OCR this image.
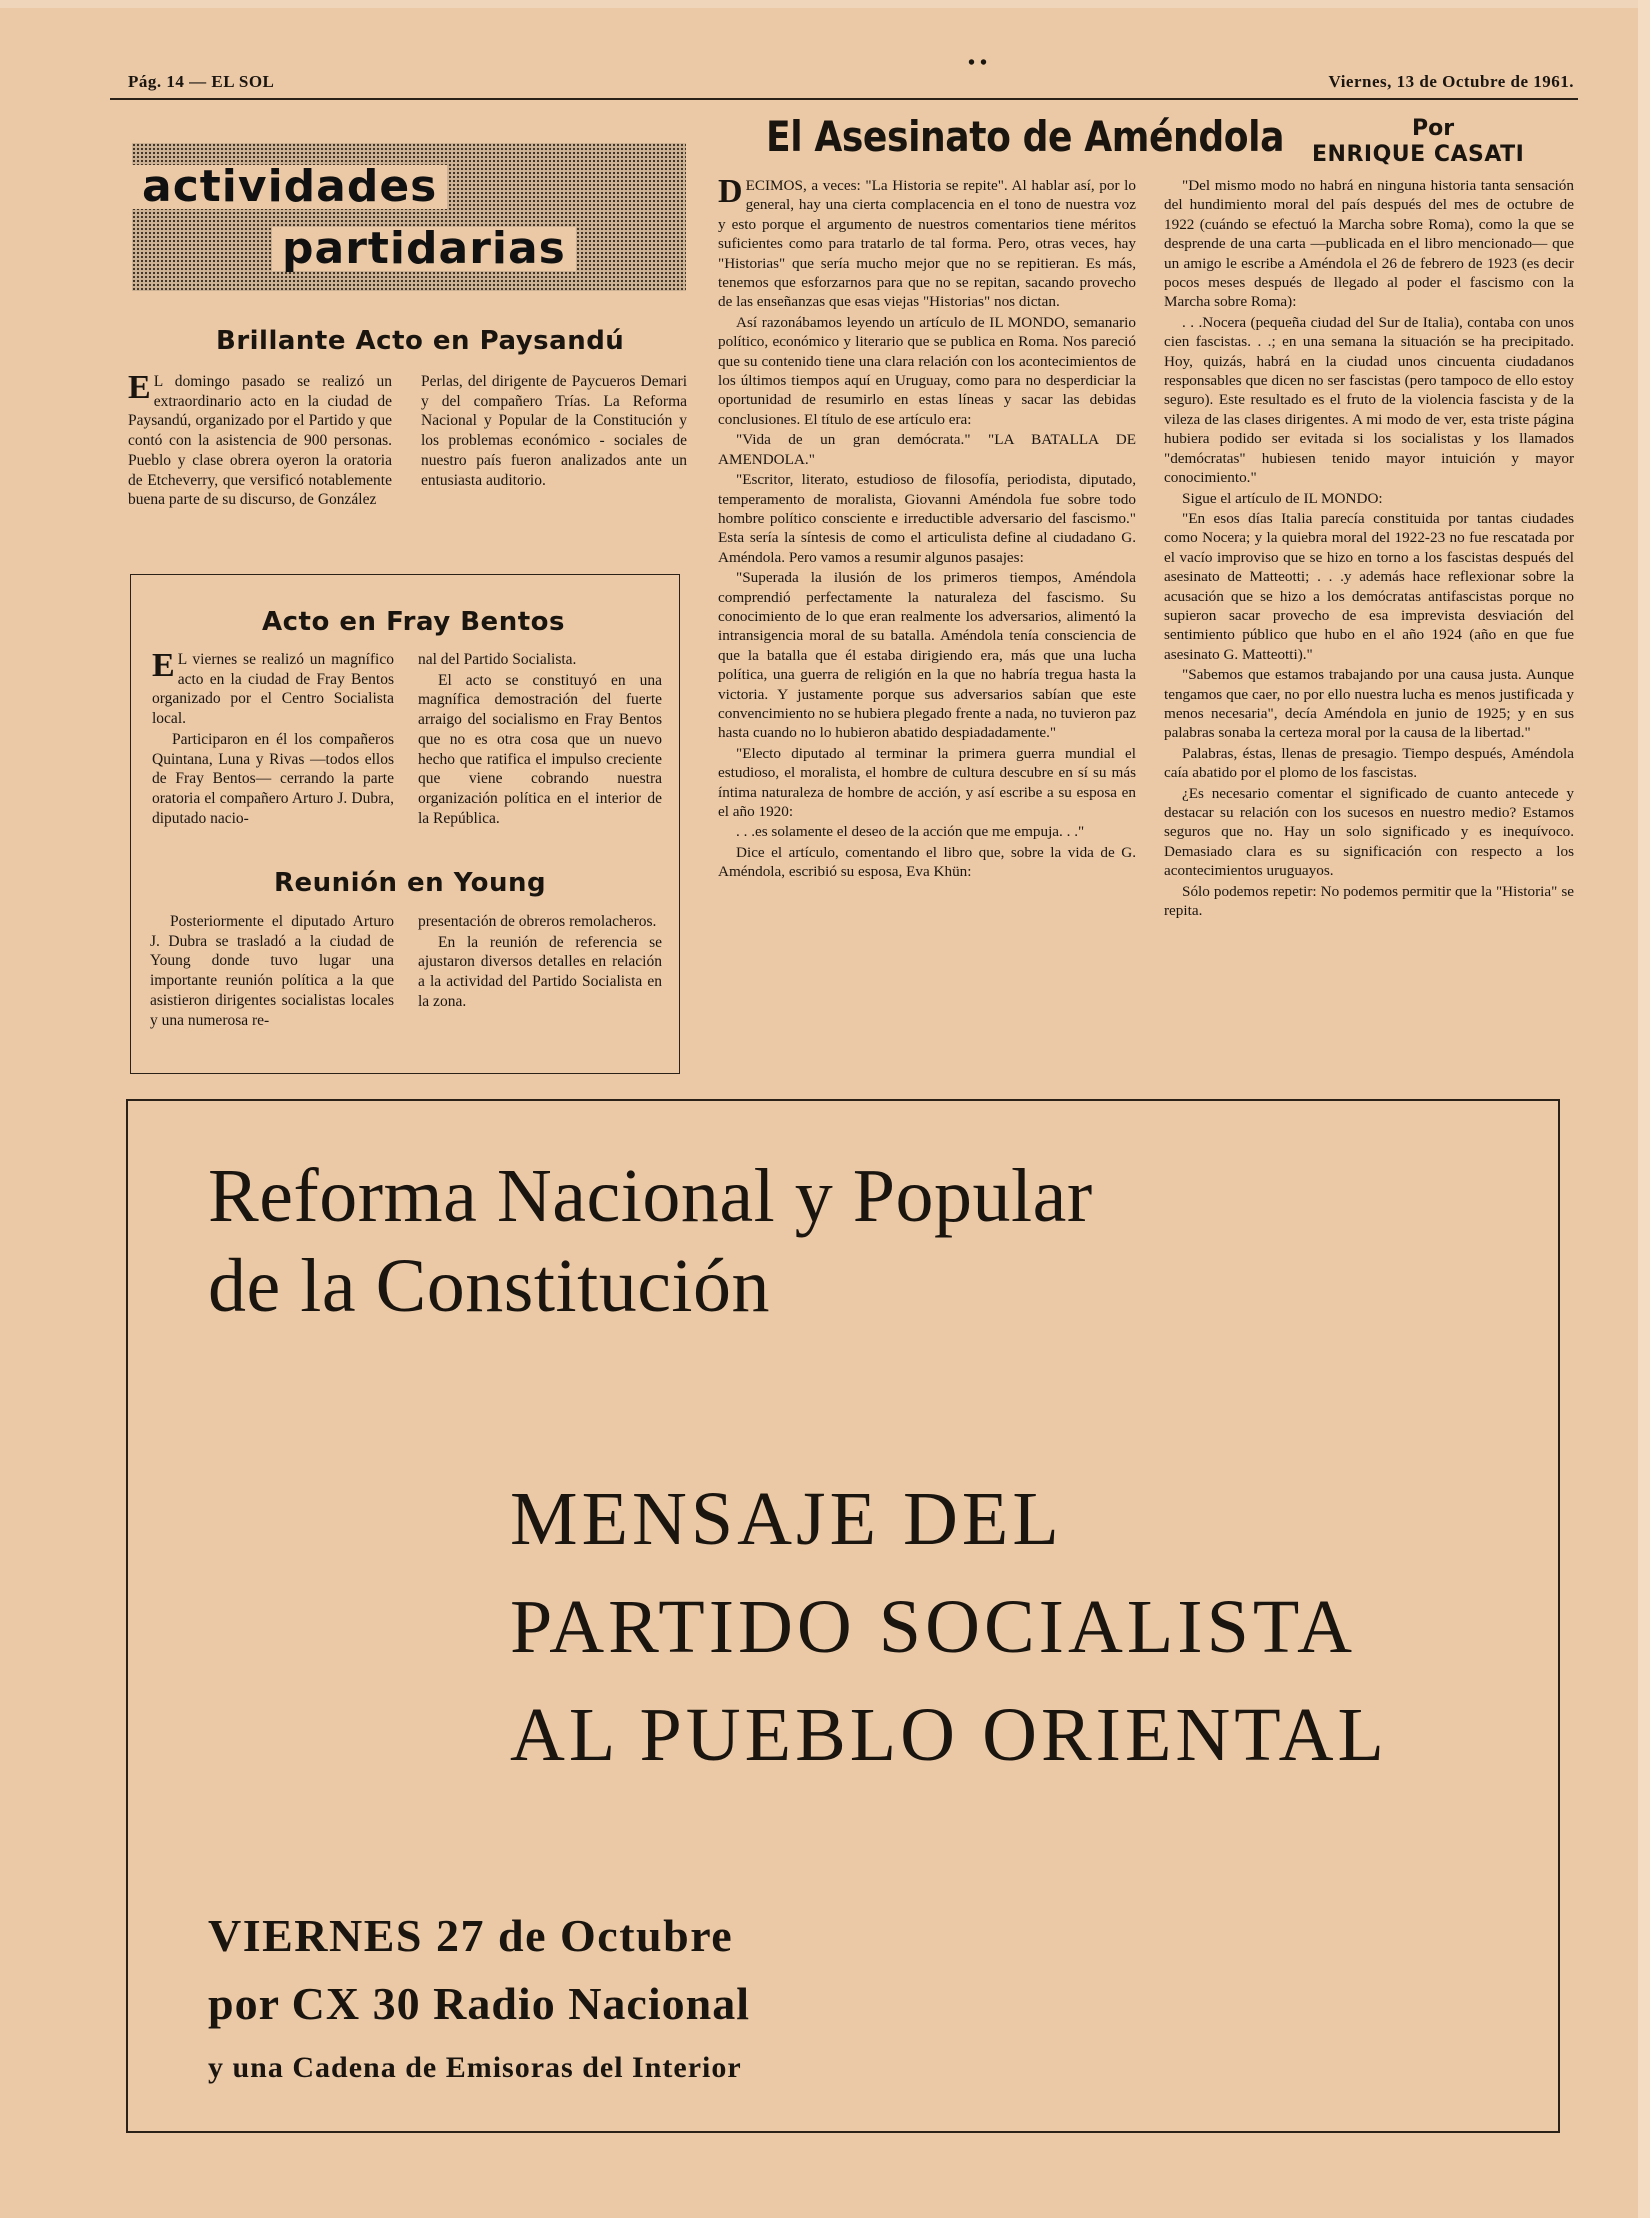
Pág. 14 — EL SOL
• •
Viernes, 13 de Octubre de 1961.
actividades
partidarias
Brillante Acto en Paysandú

E L domingo pasado se realizó un extraordinario acto en la ciudad de Paysandú, organizado por el Partido y que contó con la asistencia de 900 personas. Pueblo y clase obrera oyeron la oratoria de Etcheverry, que versificó notablemente buena parte de su discurso, de González

Perlas, del dirigente de Paycueros Demari y del compañero Trías. La Reforma Nacional y Popular de la Constitución y los problemas económico - sociales de nuestro país fueron analizados ante un entusiasta auditorio.

Acto en Fray Bentos

E L viernes se realizó un magnífico acto en la ciudad de Fray Bentos organizado por el Centro Socialista local.

Participaron en él los compañeros Quintana, Luna y Rivas —todos ellos de Fray Bentos— cerrando la parte oratoria el compañero Arturo J. Dubra, diputado nacio-

nal del Partido Socialista.

El acto se constituyó en una magnífica demostración del fuerte arraigo del socialismo en Fray Bentos que no es otra cosa que un nuevo hecho que ratifica el impulso creciente que viene cobrando nuestra organización política en el interior de la República.

Reunión en Young

Posteriormente el diputado Arturo J. Dubra se trasladó a la ciudad de Young donde tuvo lugar una importante reunión política a la que asistieron dirigentes socialistas locales y una numerosa re-

presentación de obreros remolacheros.

En la reunión de referencia se ajustaron diversos detalles en relación a la actividad del Partido Socialista en la zona.

El Asesinato de Améndola	Por
ENRIQUE CASATI

DECIMOS, a veces: "La Historia se repite". Al hablar así, por lo general, hay una cierta complacencia en el tono de nuestra voz y esto porque el argumento de nuestros comentarios tiene méritos suficientes como para tratarlo de tal forma. Pero, otras veces, hay "Historias" que sería mucho mejor que no se repitieran. Es más, tenemos que esforzarnos para que no se repitan, sacando provecho de las enseñanzas que esas viejas "Historias" nos dictan.

Así razonábamos leyendo un artículo de IL MONDO, semanario político, económico y literario que se publica en Roma. Nos pareció que su contenido tiene una clara relación con los acontecimientos de los últimos tiempos aquí en Uruguay, como para no desperdiciar la oportunidad de resumirlo en estas líneas y sacar las debidas conclusiones. El título de ese artículo era:

"Vida de un gran demócrata." "LA BATALLA DE AMENDOLA."

"Escritor, literato, estudioso de filosofía, periodista, diputado, temperamento de moralista, Giovanni Améndola fue sobre todo hombre político consciente e irreductible adversario del fascismo." Esta sería la síntesis de como el articulista define al ciudadano G. Améndola. Pero vamos a resumir algunos pasajes:

"Superada la ilusión de los primeros tiempos, Améndola comprendió perfectamente la naturaleza del fascismo. Su conocimiento de lo que eran realmente los adversarios, alimentó la intransigencia moral de su batalla. Améndola tenía consciencia de que la batalla que él estaba dirigiendo era, más que una lucha política, una guerra de religión en la que no habría tregua hasta la victoria. Y justamente porque sus adversarios sabían que este convencimiento no se hubiera plegado frente a nada, no tuvieron paz hasta cuando no lo hubieron abatido despiadadamente."

"Electo diputado al terminar la primera guerra mundial el estudioso, el moralista, el hombre de cultura descubre en sí su más íntima naturaleza de hombre de acción, y así escribe a su esposa en el año 1920:

. . .es solamente el deseo de la acción que me empuja. . ."

Dice el artículo, comentando el libro que, sobre la vida de G. Améndola, escribió su esposa, Eva Khün:

"Del mismo modo no habrá en ninguna historia tanta sensación del hundimiento moral del país después del mes de octubre de 1922 (cuándo se efectuó la Marcha sobre Roma), como la que se desprende de una carta —publicada en el libro mencionado— que un amigo le escribe a Améndola el 26 de febrero de 1923 (es decir pocos meses después de llegado al poder el fascismo con la Marcha sobre Roma):

. . .Nocera (pequeña ciudad del Sur de Italia), contaba con unos cien fascistas. . .; en una semana la situación se ha precipitado. Hoy, quizás, habrá en la ciudad unos cincuenta ciudadanos responsables que dicen no ser fascistas (pero tampoco de ello estoy seguro). Este resultado es el fruto de la violencia fascista y de la vileza de las clases dirigentes. A mi modo de ver, esta triste página hubiera podido ser evitada si los socialistas y los llamados "demócratas" hubiesen tenido mayor intuición y mayor conocimiento."

Sigue el artículo de IL MONDO:

"En esos días Italia parecía constituida por tantas ciudades como Nocera; y la quiebra moral del 1922-23 no fue rescatada por el vacío improviso que se hizo en torno a los fascistas después del asesinato de Matteotti; . . .y además hace reflexionar sobre la acusación que se hizo a los demócratas antifascistas porque no supieron sacar provecho de esa imprevista desviación del sentimiento público que hubo en el año 1924 (año en que fue asesinato G. Matteotti)."

"Sabemos que estamos trabajando por una causa justa. Aunque tengamos que caer, no por ello nuestra lucha es menos justificada y menos necesaria", decía Améndola en junio de 1925; y en sus palabras sonaba la certeza moral por la causa de la libertad."

Palabras, éstas, llenas de presagio. Tiempo después, Améndola caía abatido por el plomo de los fascistas.

¿Es necesario comentar el significado de cuanto antecede y destacar su relación con los sucesos en nuestro medio? Estamos seguros que no. Hay un solo significado y es inequívoco. Demasiado clara es su significación con respecto a los acontecimientos uruguayos.

Sólo podemos repetir: No podemos permitir que la "Historia" se repita.

Reforma Nacional y Popular
de la Constitución
MENSAJE DEL
PARTIDO SOCIALISTA
AL PUEBLO ORIENTAL
VIERNES 27 de Octubre
por CX 30 Radio Nacional
y una Cadena de Emisoras del Interior
